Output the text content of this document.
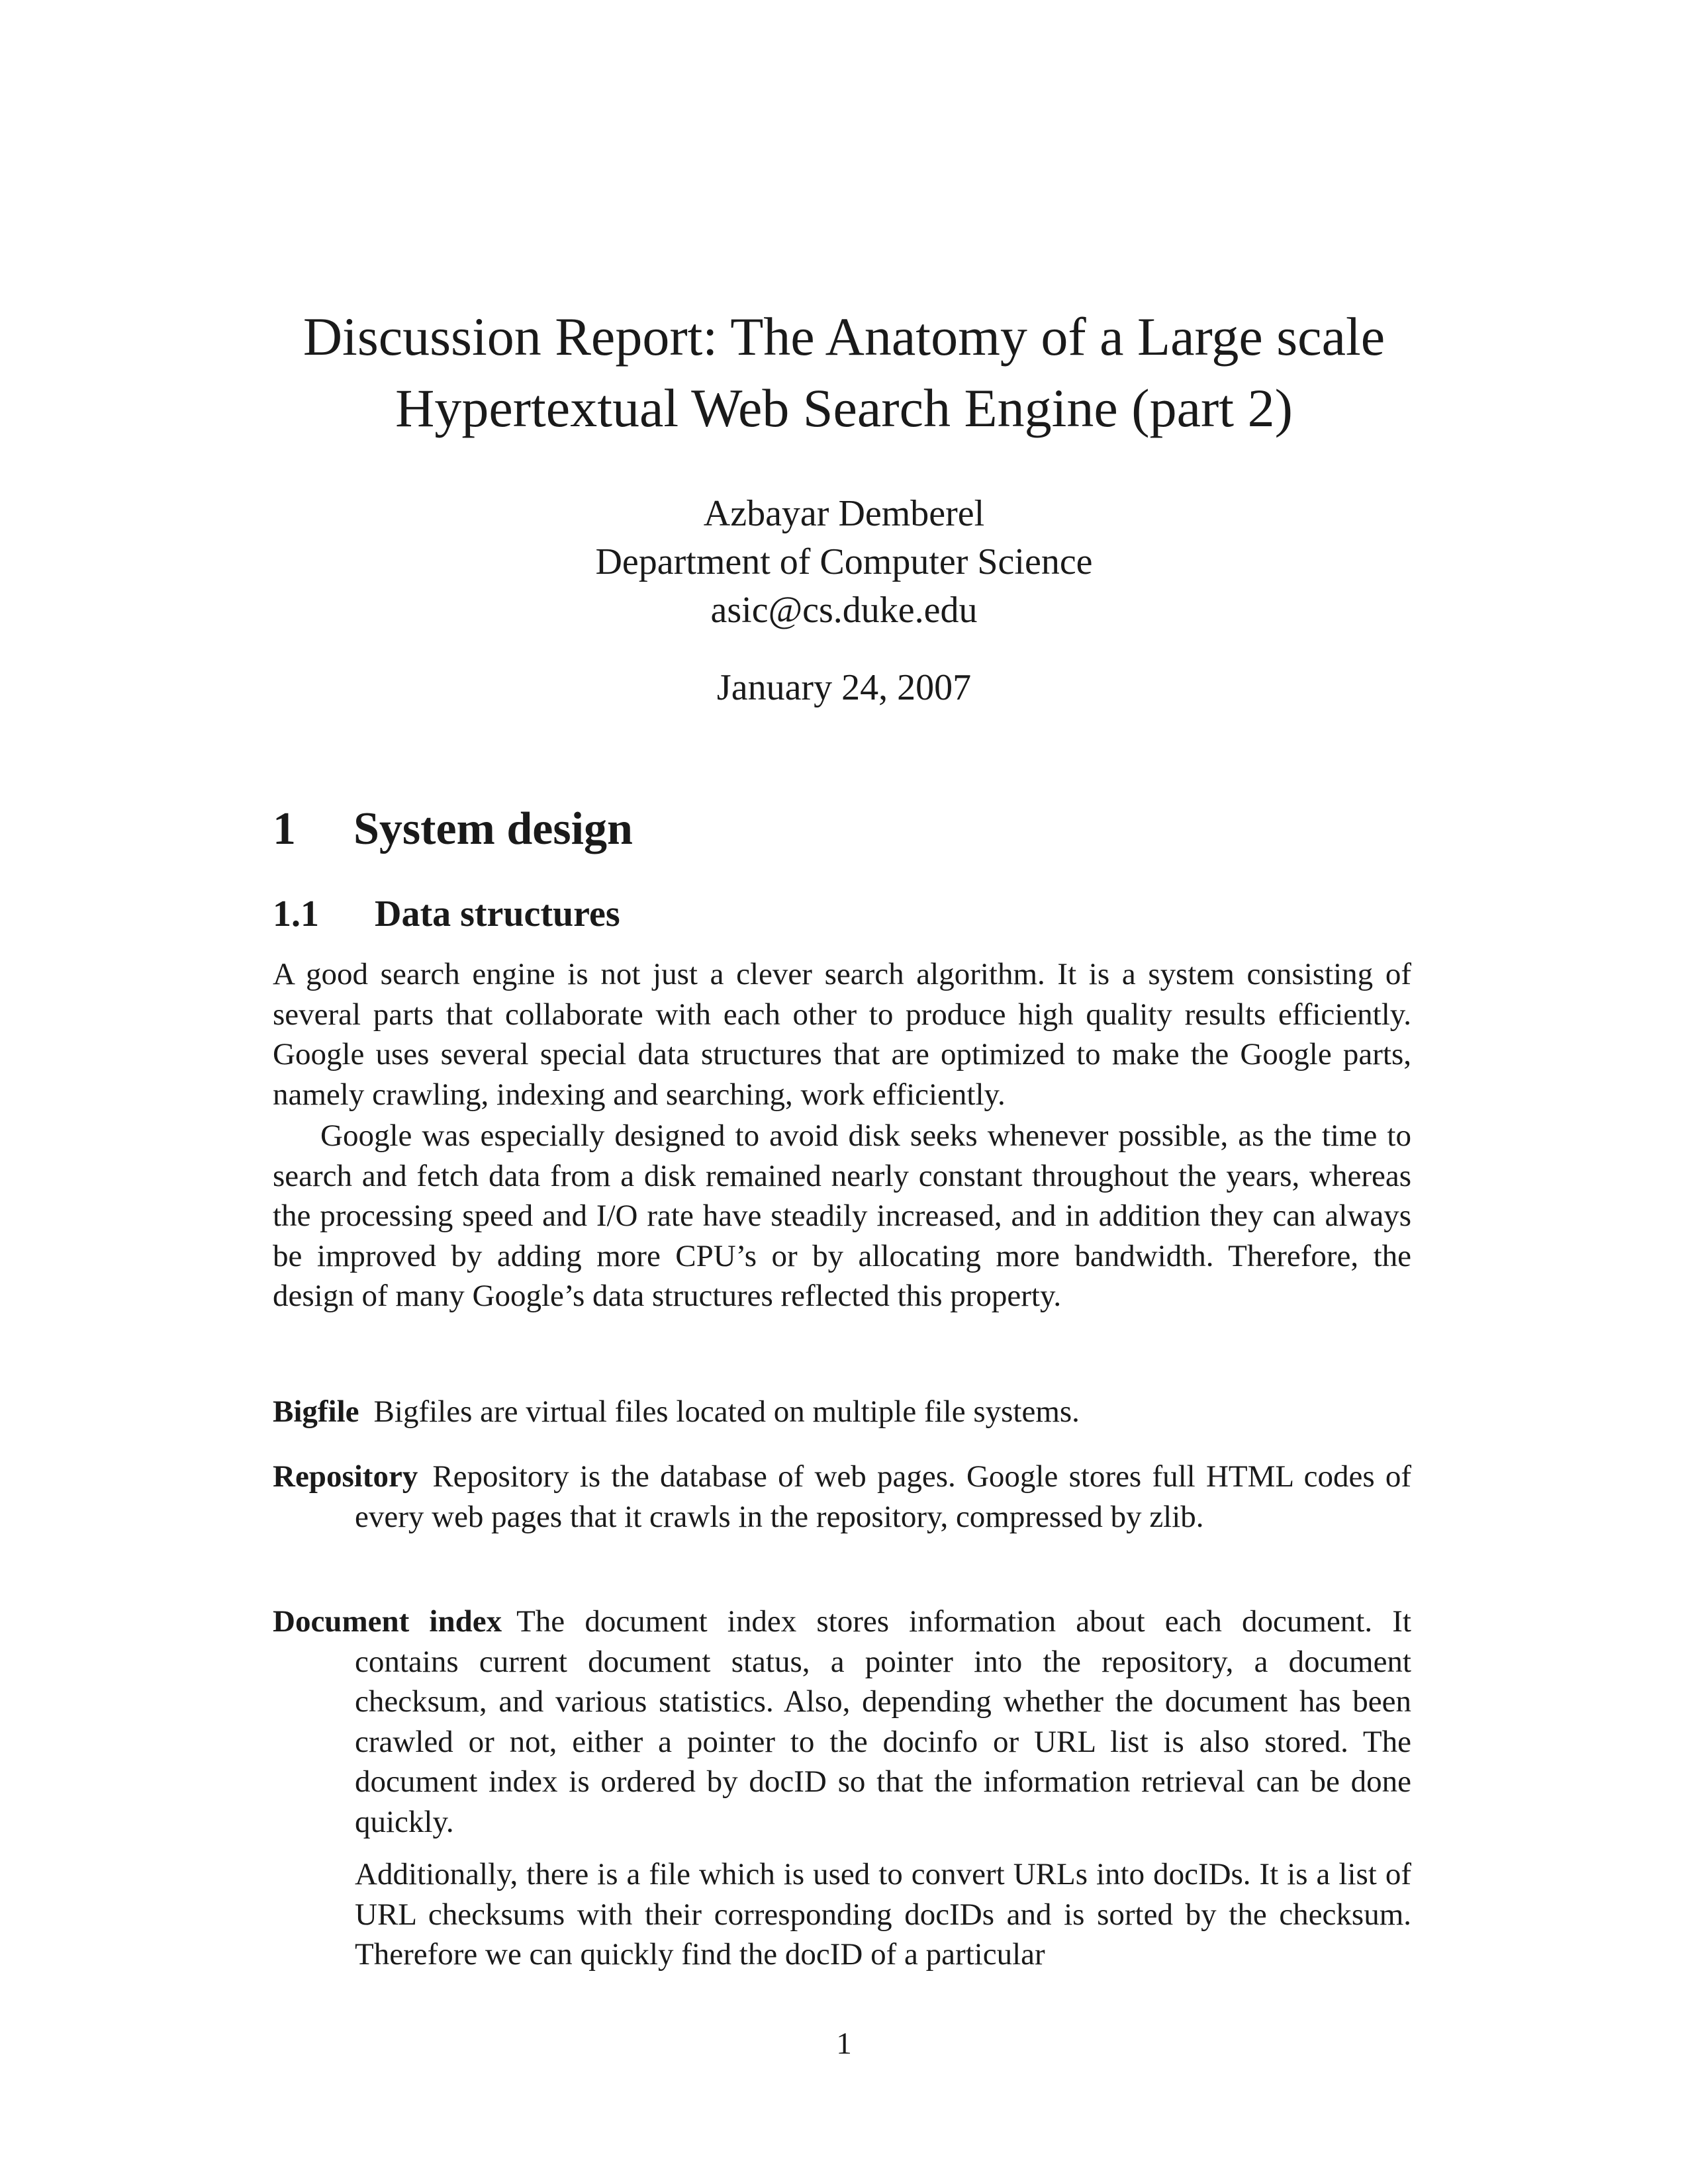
Discussion Report: The Anatomy of a Large scale

Hypertextual Web Search Engine (part 2)

Azbayar Demberel
Department of Computer Science
asic@cs.duke.edu
January 24, 2007
1 System design
1.1 Data structures

A good search engine is not just a clever search algorithm. It is a system consisting of several parts that collaborate with each other to produce high quality results efficiently. Google uses several special data structures that are optimized to make the Google parts, namely crawling, indexing and searching, work efficiently.

Google was especially designed to avoid disk seeks whenever possible, as the time to search and fetch data from a disk remained nearly constant throughout the years, whereas the processing speed and I/O rate have steadily increased, and in addition they can always be improved by adding more CPU’s or by allocating more bandwidth. Therefore, the design of many Google’s data structures reflected this property.

Bigfile Bigfiles are virtual files located on multiple file systems.

Repository Repository is the database of web pages. Google stores full HTML codes of every web pages that it crawls in the repository, compressed by zlib.

Document index The document index stores information about each document. It contains current document status, a pointer into the repository, a document checksum, and various statistics. Also, depending whether the document has been crawled or not, either a pointer to the docinfo or URL list is also stored. The document index is ordered by docID so that the information retrieval can be done quickly.

Additionally, there is a file which is used to convert URLs into docIDs. It is a list of URL checksums with their corresponding docIDs and is sorted by the checksum. Therefore we can quickly find the docID of a particular

1
